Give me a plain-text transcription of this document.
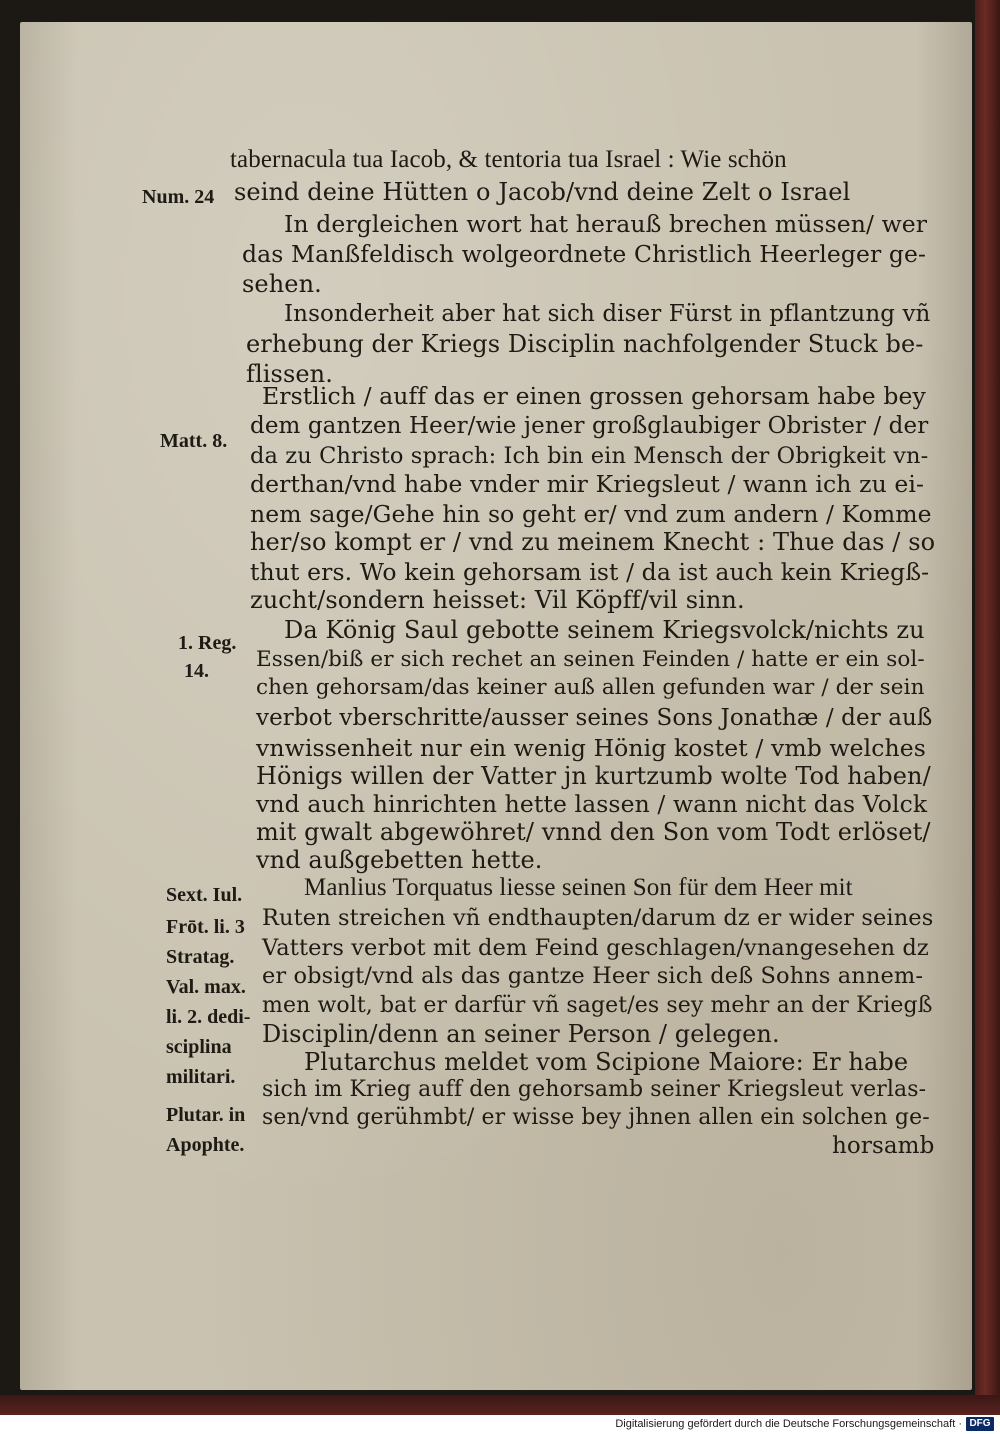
tabernacula tua Iacob, & tentoria tua Israel : Wie schön
seind deine Hütten o Jacob/vnd deine Zelt o Israel
In dergleichen wort hat herauß brechen müssen/ wer
das Manßfeldisch wolgeordnete Christlich Heerleger ge-
sehen.
Insonderheit aber hat sich diser Fürst in pflantzung vñ
erhebung der Kriegs Disciplin nachfolgender Stuck be-
flissen.
Erstlich / auff das er einen grossen gehorsam habe bey
dem gantzen Heer/wie jener großglaubiger Obrister / der
da zu Christo sprach: Ich bin ein Mensch der Obrigkeit vn-
derthan/vnd habe vnder mir Kriegsleut / wann ich zu ei-
nem sage/Gehe hin so geht er/ vnd zum andern / Komme
her/so kompt er / vnd zu meinem Knecht : Thue das / so
thut ers. Wo kein gehorsam ist / da ist auch kein Kriegß-
zucht/sondern heisset: Vil Köpff/vil sinn.
Da König Saul gebotte seinem Kriegsvolck/nichts zu
Essen/biß er sich rechet an seinen Feinden / hatte er ein sol-
chen gehorsam/das keiner auß allen gefunden war / der sein
verbot vberschritte/ausser seines Sons Jonathæ / der auß
vnwissenheit nur ein wenig Hönig kostet / vmb welches
Hönigs willen der Vatter jn kurtzumb wolte Tod haben/
vnd auch hinrichten hette lassen / wann nicht das Volck
mit gwalt abgewöhret/ vnnd den Son vom Todt erlöset/
vnd außgebetten hette.
Manlius Torquatus liesse seinen Son für dem Heer mit
Ruten streichen vñ endthaupten/darum dz er wider seines
Vatters verbot mit dem Feind geschlagen/vnangesehen dz
er obsigt/vnd als das gantze Heer sich deß Sohns annem-
men wolt, bat er darfür vñ saget/es sey mehr an der Kriegß
Disciplin/denn an seiner Person / gelegen.
Plutarchus meldet vom Scipione Maiore: Er habe
sich im Krieg auff den gehorsamb seiner Kriegsleut verlas-
sen/vnd gerühmbt/ er wisse bey jhnen allen ein solchen ge-
horsamb
Num. 24
Matt. 8.
1. Reg.
14.
Sext. Iul.
Frōt. li. 3
Stratag.
Val. max.
li. 2. dedi-
sciplina
militari.
Plutar. in
Apophte.
Digitalisierung gefördert durch die Deutsche Forschungsgemeinschaft · DFG
